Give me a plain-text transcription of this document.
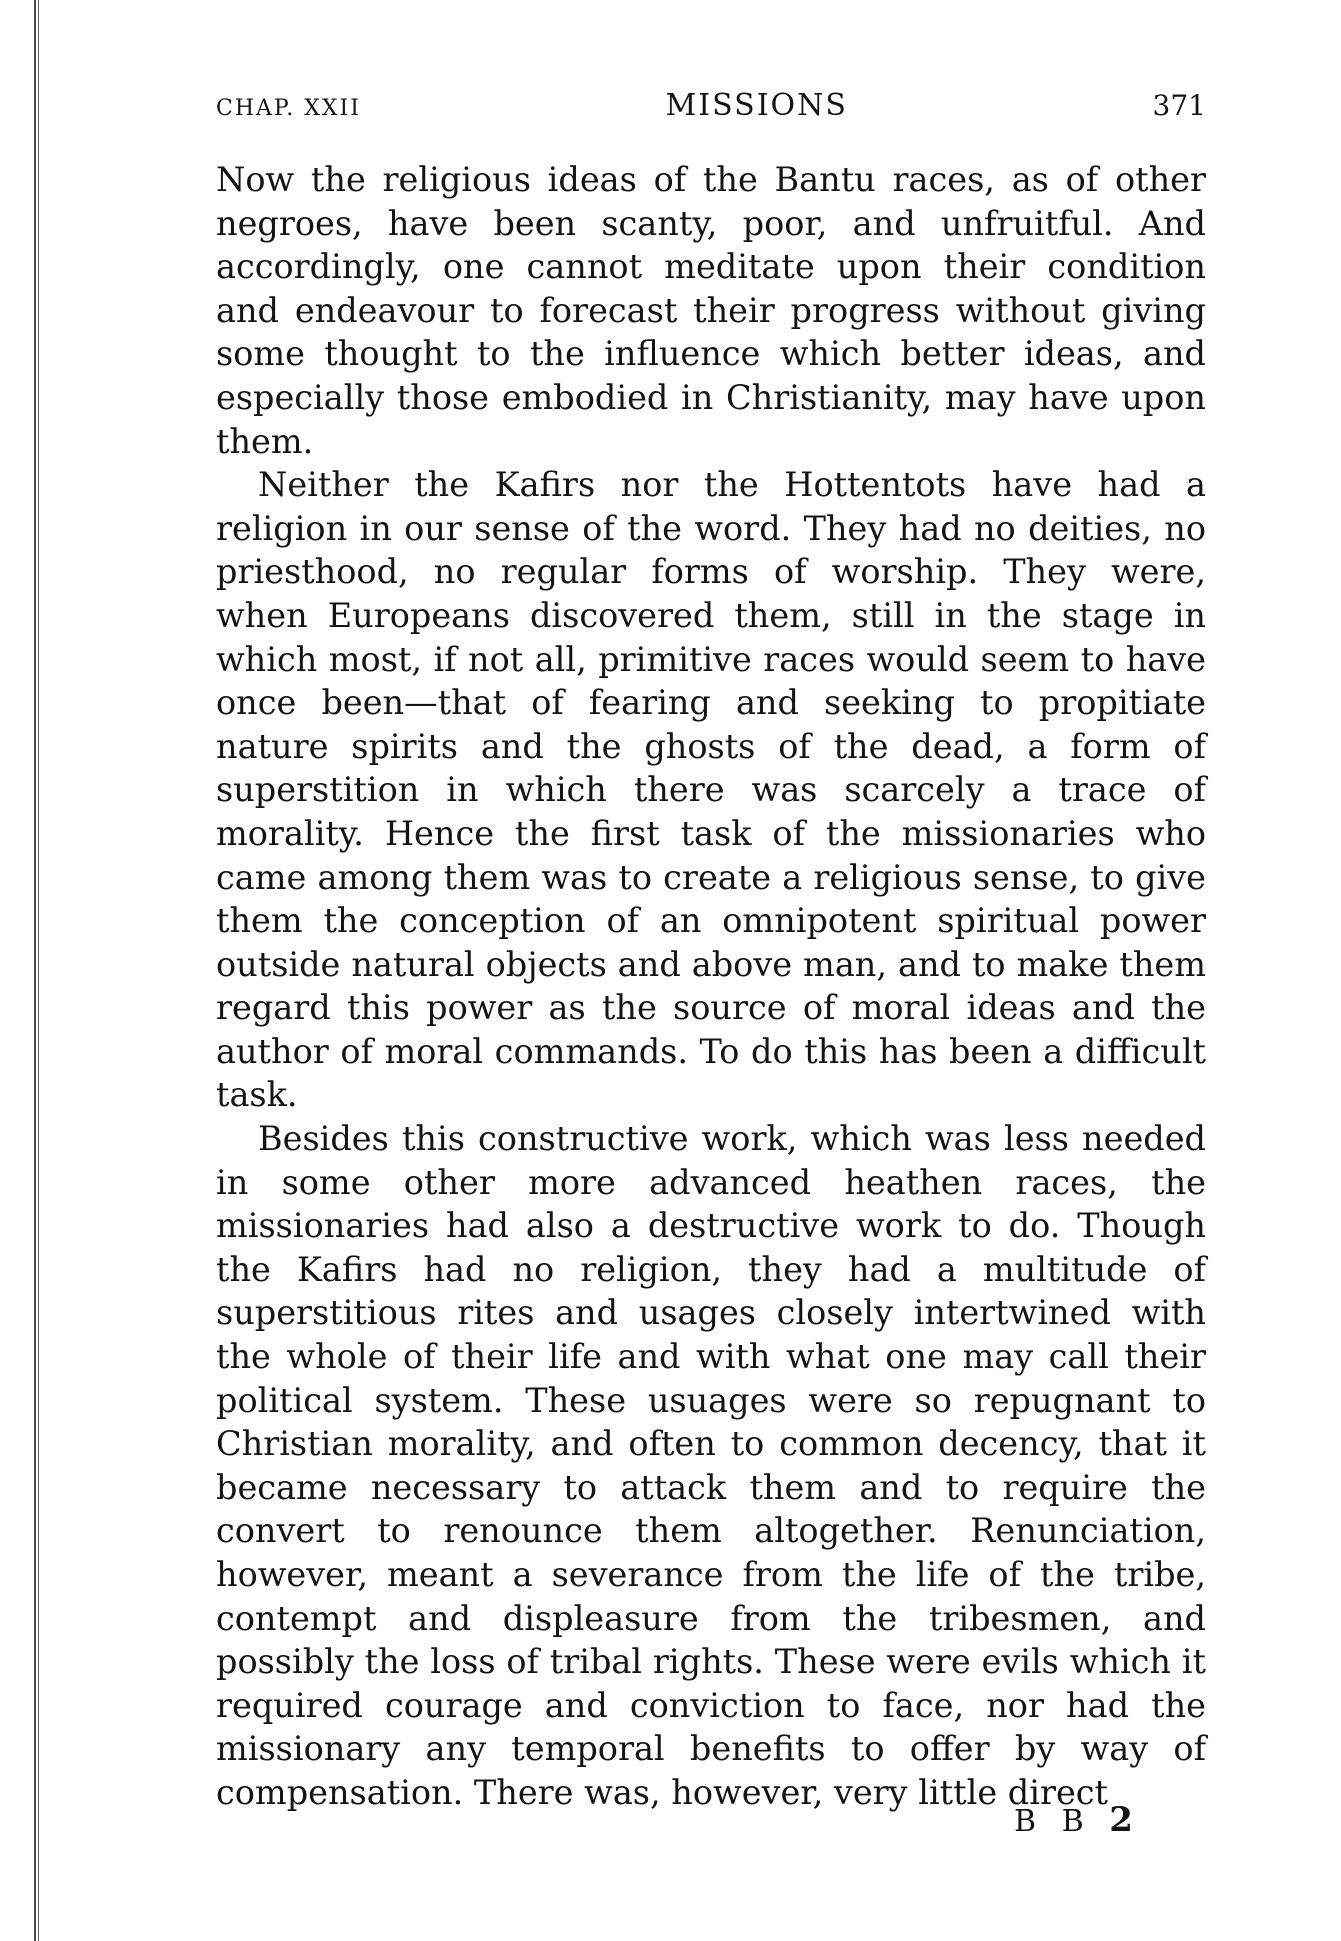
CHAP. XXII	MISSIONS	371

Now the religious ideas of the Bantu races, as of other negroes, have been scanty, poor, and unfruitful. And accordingly, one cannot meditate upon their condition and endeavour to forecast their progress without giving some thought to the influence which better ideas, and especially those embodied in Christianity, may have upon them.

Neither the Kafirs nor the Hottentots have had a religion in our sense of the word. They had no deities, no priesthood, no regular forms of worship. They were, when Europeans discovered them, still in the stage in which most, if not all, primitive races would seem to have once been—that of fearing and seeking to propitiate nature spirits and the ghosts of the dead, a form of superstition in which there was scarcely a trace of morality. Hence the first task of the missionaries who came among them was to create a religious sense, to give them the conception of an omnipotent spiritual power outside natural objects and above man, and to make them regard this power as the source of moral ideas and the author of moral commands. To do this has been a difficult task.

Besides this constructive work, which was less needed in some other more advanced heathen races, the missionaries had also a destructive work to do. Though the Kafirs had no religion, they had a multitude of superstitious rites and usages closely intertwined with the whole of their life and with what one may call their political system. These usuages were so repugnant to Christian morality, and often to common decency, that it became necessary to attack them and to require the convert to renounce them altogether. Renunciation, however, meant a severance from the life of the tribe, contempt and displeasure from the tribesmen, and possibly the loss of tribal rights. These were evils which it required courage and conviction to face, nor had the missionary any temporal benefits to offer by way of compensation. There was, however, very little direct

B B 2
